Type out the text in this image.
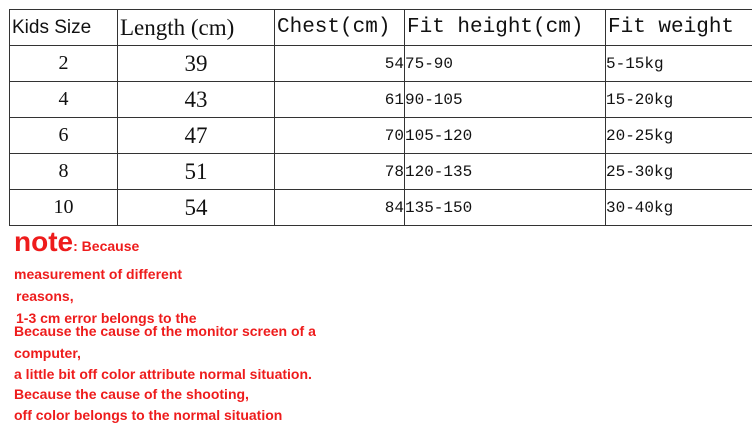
Kids Size	Length (cm)	Chest(cm)	Fit height(cm)	Fit weight
2	39	54	75-90	5-15kg
4	43	61	90-105	15-20kg
6	47	70	105-120	20-25kg
8	51	78	120-135	25-30kg
10	54	84	135-150	30-40kg
note: Because
measurement of different
reasons,
1-3 cm error belongs to the
Because the cause of the monitor screen of a
computer,
a little bit off color attribute normal situation.
Because the cause of the shooting,
off color belongs to the normal situation
